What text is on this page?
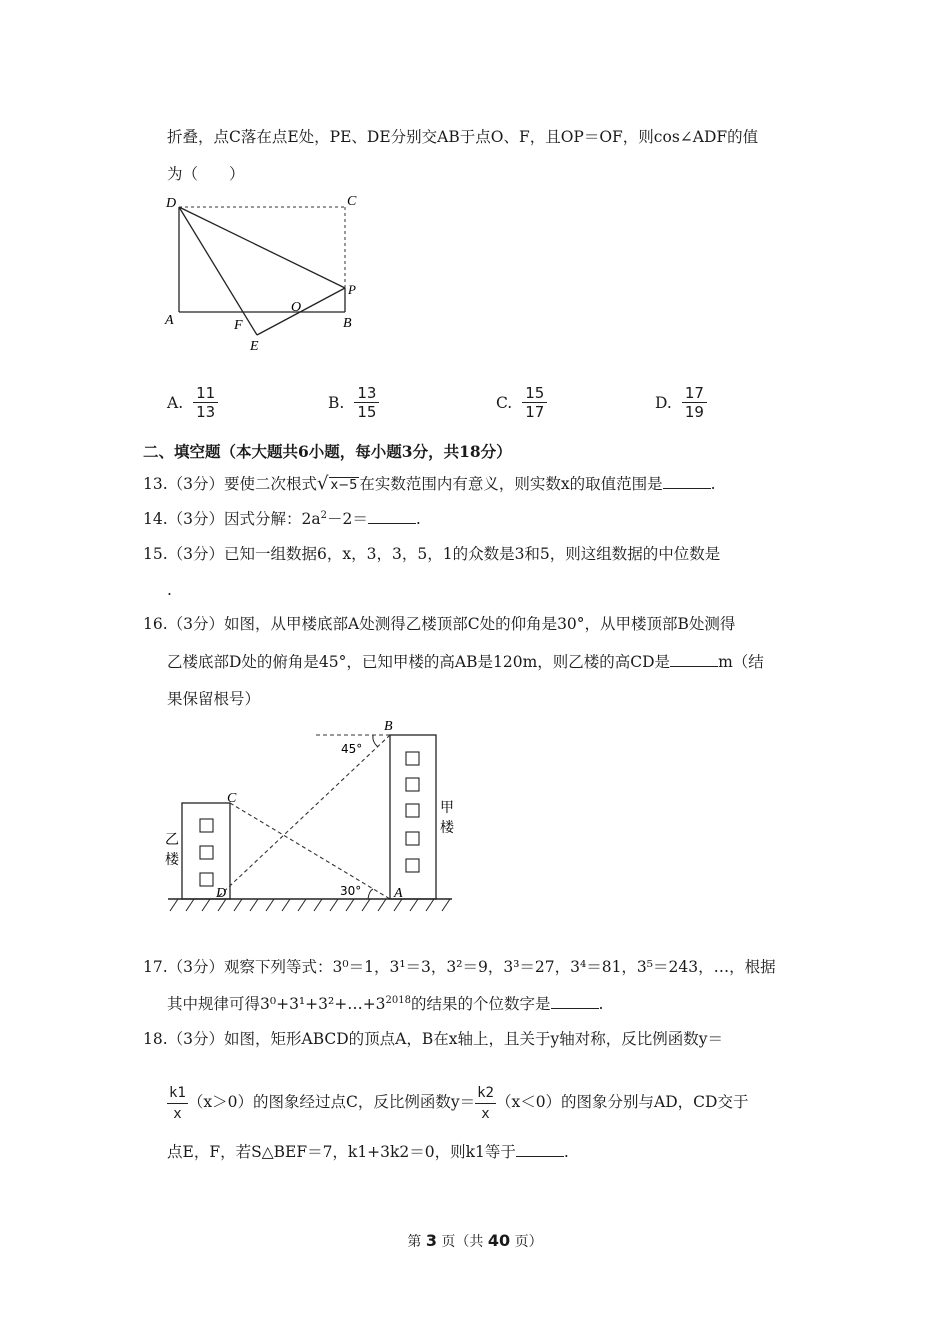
折叠，点C落在点E处，PE、DE分别交AB于点O、F，且OP＝OF，则cos∠ADF的值
为（　　）
D	C
P
O
A	F	B
E
A. $\frac{11}{13}$	B. $\frac{13}{15}$	C. $\frac{15}{17}$	D. $\frac{17}{19}$
二、填空题（本大题共6小题，每小题3分，共18分）
13.（3分）要使二次根式√ x−5 在实数范围内有意义，则实数x的取值范围是	.
14.（3分）因式分解：$2a^2-2=$	.
15.（3分）已知一组数据6，x，3，3，5，1的众数是3和5，则这组数据的中位数是
.
16.（3分）如图，从甲楼底部A处测得乙楼顶部C处的仰角是30°，从甲楼顶部B处测得
乙楼底部D处的俯角是45°，已知甲楼的高AB是120m，则乙楼的高CD是	m（结
果保留根号）
B
C
D	A
45°
30°
甲
楼
乙
楼
17.（3分）观察下列等式：3⁰＝1，3¹＝3，3²＝9，3³＝27，3⁴＝81，3⁵＝243，…，根据
其中规律可得$3^0+3^1+3^2+\dots+3^{2018}$的结果的个位数字是	.
18.（3分）如图，矩形ABCD的顶点A，B在x轴上，且关于y轴对称，反比例函数y＝
$\frac{k1}{x} (x>0)$的图象经过点C，反比例函数$y= \frac{k2}{x} (x<0)$的图象分别与AD，CD交于
点E，F，若S△BEF＝7，k1+3k2＝0，则k1等于	.
第 3 页（共 40 页）
